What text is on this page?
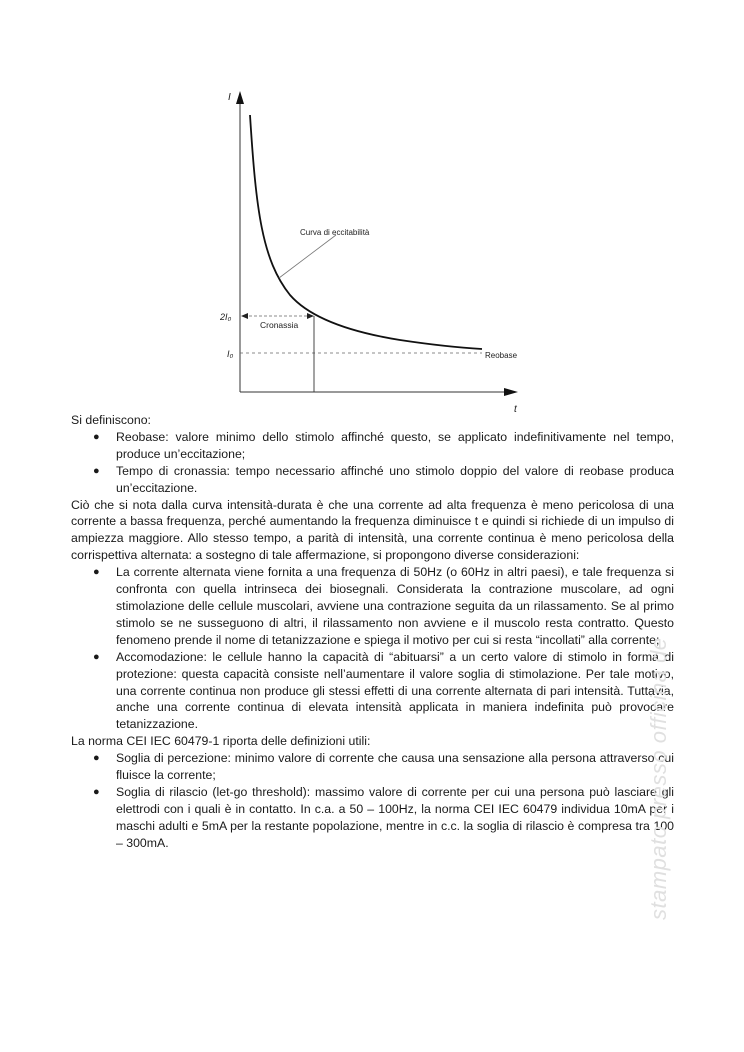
I
t
2I₀
I₀
Curva di eccitabilità
Cronassia
Reobase

Si definiscono:

● Reobase: valore minimo dello stimolo affinché questo, se applicato indefinitivamente nel tempo, produce un’eccitazione;
● Tempo di cronassia: tempo necessario affinché uno stimolo doppio del valore di reobase produca un’eccitazione.

Ciò che si nota dalla curva intensità-durata è che una corrente ad alta frequenza è meno pericolosa di una corrente a bassa frequenza, perché aumentando la frequenza diminuisce t e quindi si richiede di un impulso di ampiezza maggiore. Allo stesso tempo, a parità di intensità, una corrente continua è meno pericolosa della corrispettiva alternata: a sostegno di tale affermazione, si propongono diverse considerazioni:

● La corrente alternata viene fornita a una frequenza di 50Hz (o 60Hz in altri paesi), e tale frequenza si confronta con quella intrinseca dei biosegnali. Considerata la contrazione muscolare, ad ogni stimolazione delle cellule muscolari, avviene una contrazione seguita da un rilassamento. Se al primo stimolo se ne susseguono di altri, il rilassamento non avviene e il muscolo resta contratto. Questo fenomeno prende il nome di tetanizzazione e spiega il motivo per cui si resta “incollati” alla corrente;
● Accomodazione: le cellule hanno la capacità di “abituarsi” a un certo valore di stimolo in forma di protezione: questa capacità consiste nell’aumentare il valore soglia di stimolazione. Per tale motivo, una corrente continua non produce gli stessi effetti di una corrente alternata di pari intensità. Tuttavia, anche una corrente continua di elevata intensità applicata in maniera indefinita può provocare tetanizzazione.

La norma CEI IEC 60479-1 riporta delle definizioni utili:

● Soglia di percezione: minimo valore di corrente che causa una sensazione alla persona attraverso cui fluisce la corrente;
● Soglia di rilascio (let-go threshold): massimo valore di corrente per cui una persona può lasciare gli elettrodi con i quali è in contatto. In c.a. a 50 – 100Hz, la norma CEI IEC 60479 individua 10mA per i maschi adulti e 5mA per la restante popolazione, mentre in c.c. la soglia di rilascio è compresa tra 100 – 300mA.	stampato presso officina de
